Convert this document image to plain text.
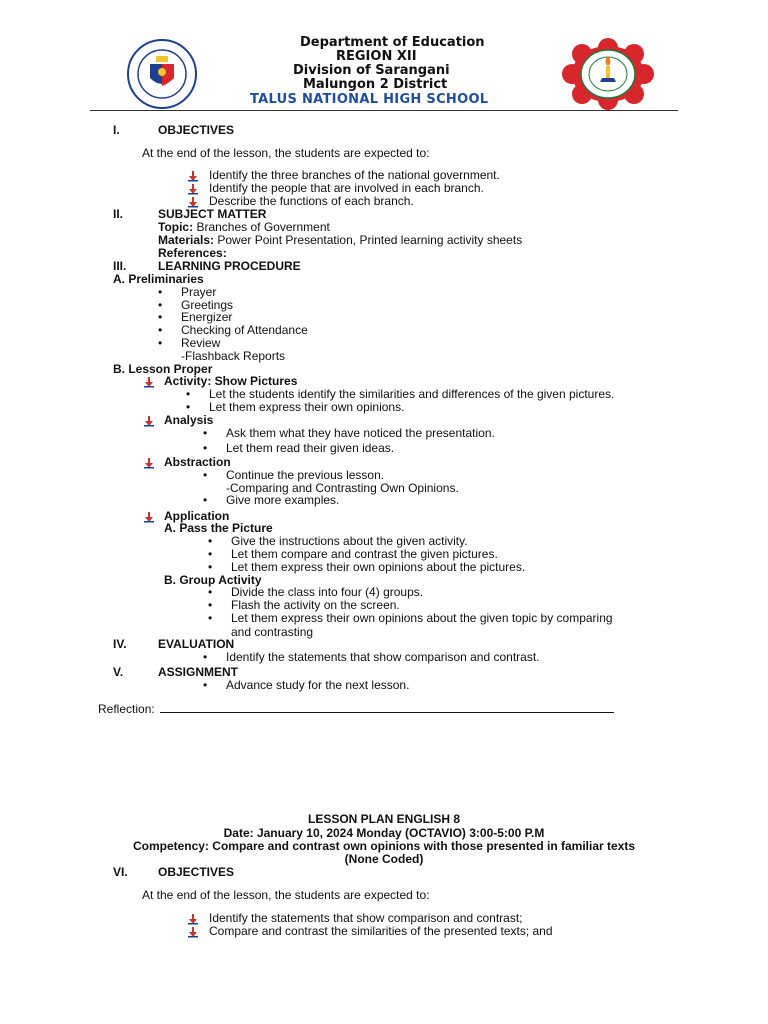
Department of Education
REGION XII
Division of Sarangani
Malungon 2 District
TALUS NATIONAL HIGH SCHOOL
I.	OBJECTIVES
At the end of the lesson, the students are expected to:
Identify the three branches of the national government.
Identify the people that are involved in each branch.
Describe the functions of each branch.
II.	SUBJECT MATTER
Topic: Branches of Government
Materials: Power Point Presentation, Printed learning activity sheets
References:
III.	LEARNING PROCEDURE
A. Preliminaries
• Prayer
• Greetings
• Energizer
• Checking of Attendance
• Review
-Flashback Reports
B. Lesson Proper
Activity: Show Pictures
• Let the students identify the similarities and differences of the given pictures.
• Let them express their own opinions.
Analysis
• Ask them what they have noticed the presentation.
• Let them read their given ideas.
Abstraction
• Continue the previous lesson.
-Comparing and Contrasting Own Opinions.
• Give more examples.
Application
A. Pass the Picture
• Give the instructions about the given activity.
• Let them compare and contrast the given pictures.
• Let them express their own opinions about the pictures.
B. Group Activity
• Divide the class into four (4) groups.
• Flash the activity on the screen.
• Let them express their own opinions about the given topic by comparing
and contrasting
IV.	EVALUATION
• Identify the statements that show comparison and contrast.
V.	ASSIGNMENT
• Advance study for the next lesson.
Reflection:
LESSON PLAN ENGLISH 8
Date: January 10, 2024 Monday (OCTAVIO) 3:00-5:00 P.M
Competency: Compare and contrast own opinions with those presented in familiar texts
(None Coded)
VI.	OBJECTIVES
At the end of the lesson, the students are expected to:
Identify the statements that show comparison and contrast;
Compare and contrast the similarities of the presented texts; and
